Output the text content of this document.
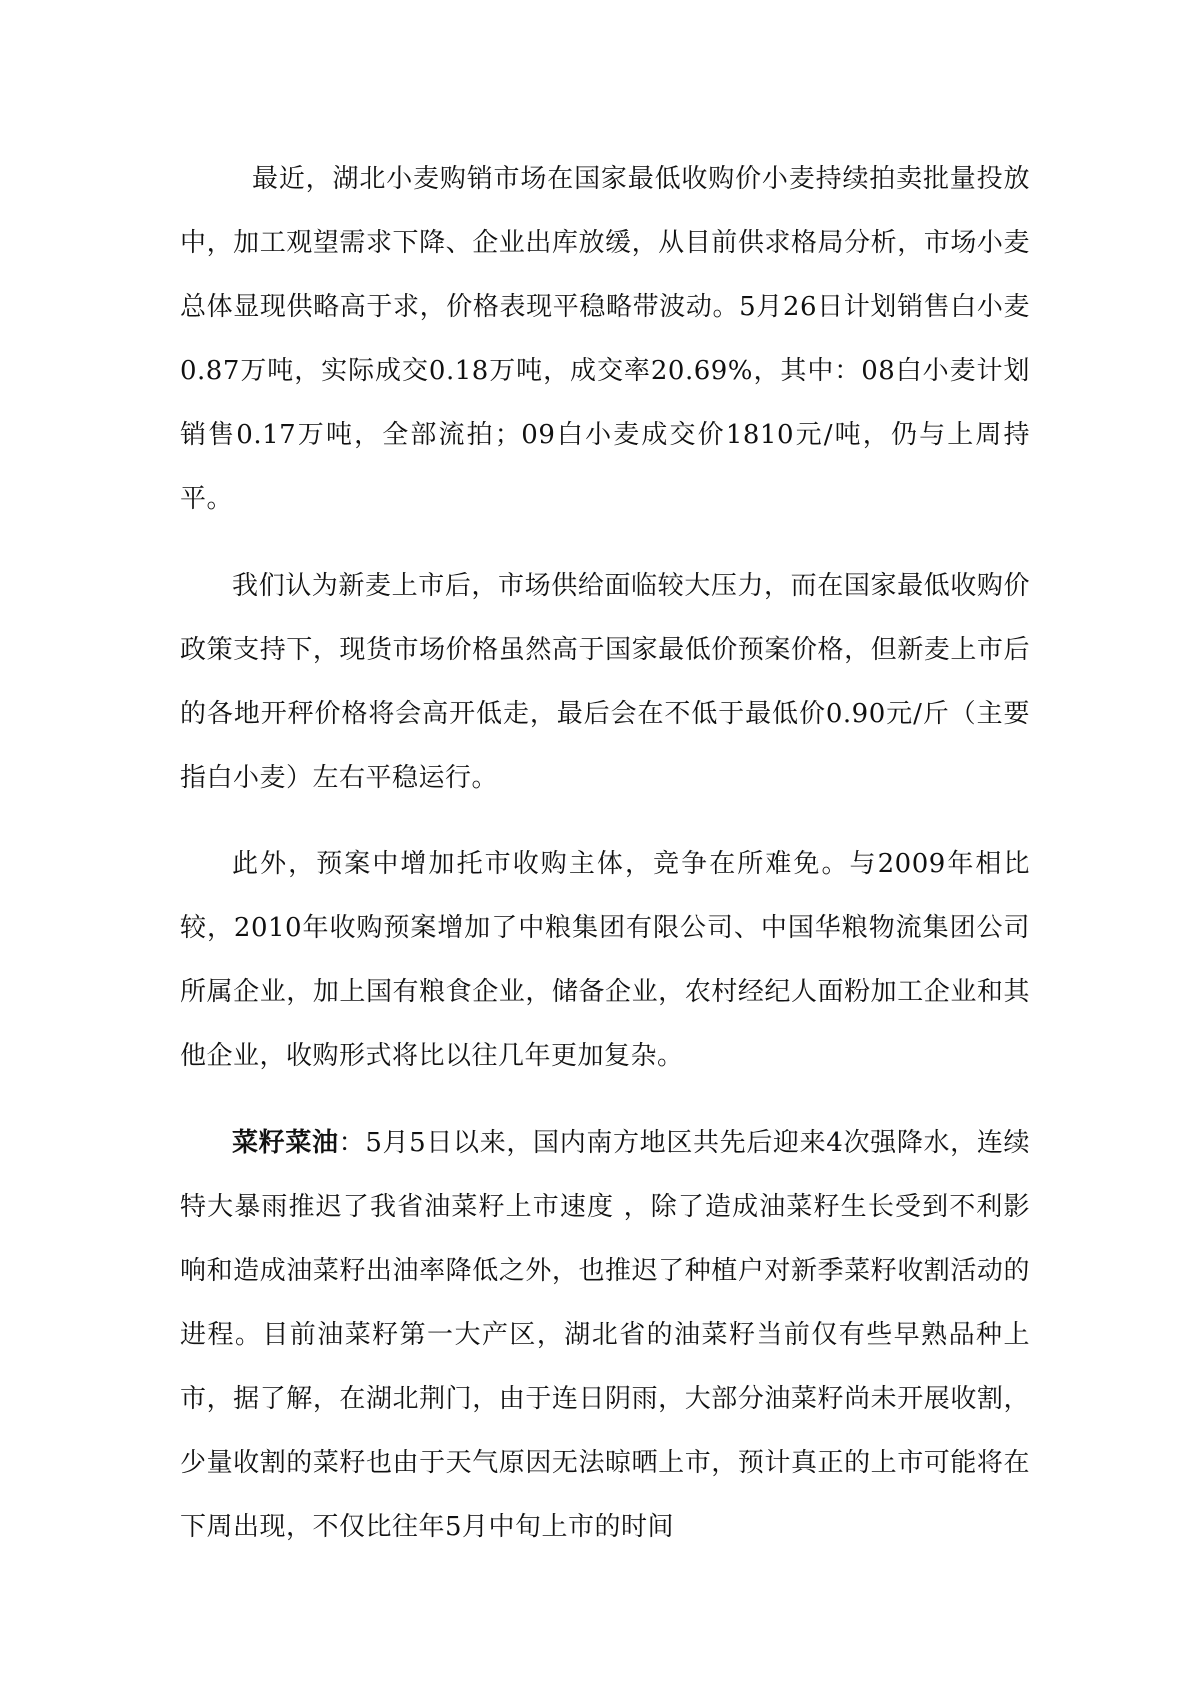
最近，湖北小麦购销市场在国家最低收购价小麦持续拍卖批量投放中，加工观望需求下降、企业出库放缓，从目前供求格局分析，市场小麦总体显现供略高于求，价格表现平稳略带波动。5月26日计划销售白小麦0.87万吨，实际成交0.18万吨，成交率20.69%，其中：08白小麦计划销售0.17万吨，全部流拍；09白小麦成交价1810元/吨，仍与上周持平。

我们认为新麦上市后，市场供给面临较大压力，而在国家最低收购价政策支持下，现货市场价格虽然高于国家最低价预案价格，但新麦上市后的各地开秤价格将会高开低走，最后会在不低于最低价0.90元/斤（主要指白小麦）左右平稳运行。

此外，预案中增加托市收购主体，竞争在所难免。与2009年相比较，2010年收购预案增加了中粮集团有限公司、中国华粮物流集团公司所属企业，加上国有粮食企业，储备企业，农村经纪人面粉加工企业和其他企业，收购形式将比以往几年更加复杂。

菜籽菜油：5月5日以来，国内南方地区共先后迎来4次强降水，连续特大暴雨推迟了我省油菜籽上市速度 ，除了造成油菜籽生长受到不利影响和造成油菜籽出油率降低之外，也推迟了种植户对新季菜籽收割活动的进程。目前油菜籽第一大产区，湖北省的油菜籽当前仅有些早熟品种上市，据了解，在湖北荆门，由于连日阴雨，大部分油菜籽尚未开展收割，少量收割的菜籽也由于天气原因无法晾晒上市，预计真正的上市可能将在下周出现，不仅比往年5月中旬上市的时间
